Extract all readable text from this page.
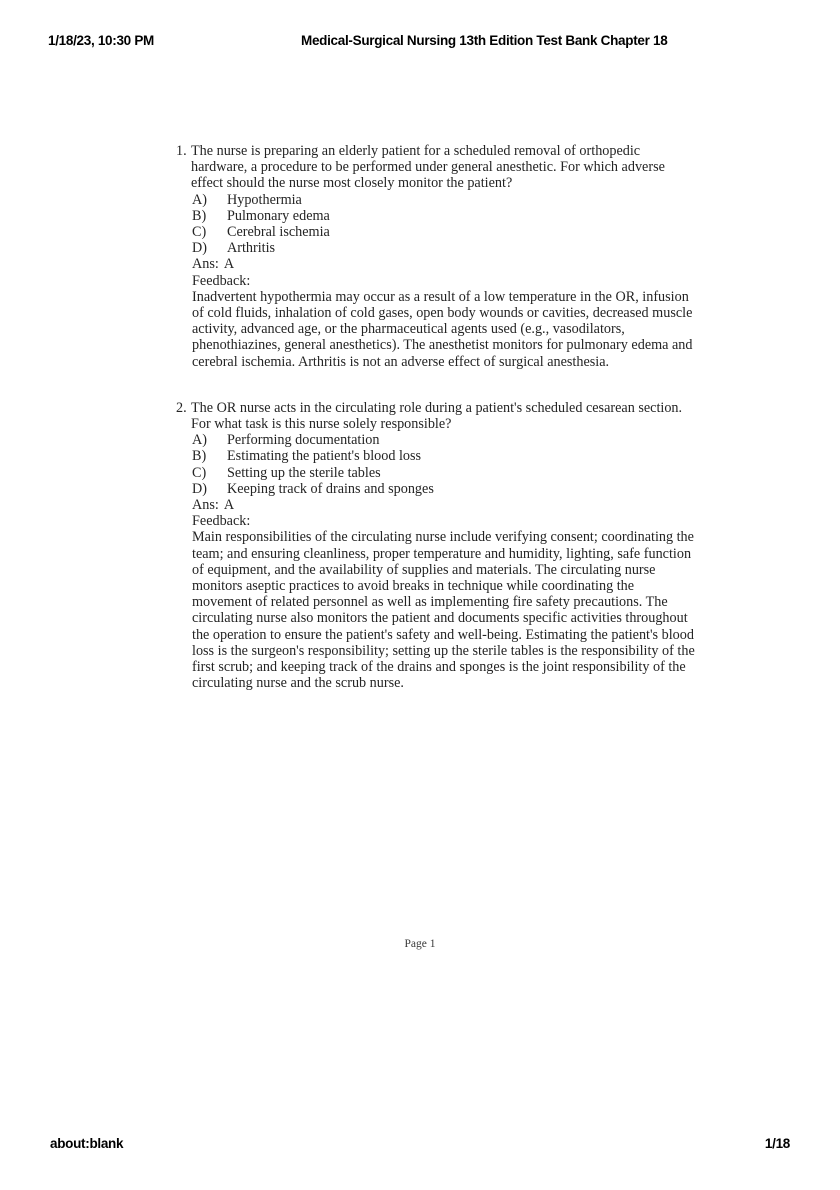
1/18/23, 10:30 PM	Medical-Surgical Nursing 13th Edition Test Bank Chapter 18
1. The nurse is preparing an elderly patient for a scheduled removal of orthopedic hardware, a procedure to be performed under general anesthetic. For which adverse effect should the nurse most closely monitor the patient?
A)	Hypothermia
B)	Pulmonary edema
C)	Cerebral ischemia
D)	Arthritis
Ans: A
Feedback:
Inadvertent hypothermia may occur as a result of a low temperature in the OR, infusion of cold fluids, inhalation of cold gases, open body wounds or cavities, decreased muscle activity, advanced age, or the pharmaceutical agents used (e.g., vasodilators, phenothiazines, general anesthetics). The anesthetist monitors for pulmonary edema and cerebral ischemia. Arthritis is not an adverse effect of surgical anesthesia.
2. The OR nurse acts in the circulating role during a patient's scheduled cesarean section. For what task is this nurse solely responsible?
A)	Performing documentation
B)	Estimating the patient's blood loss
C)	Setting up the sterile tables
D)	Keeping track of drains and sponges
Ans: A
Feedback:
Main responsibilities of the circulating nurse include verifying consent; coordinating the team; and ensuring cleanliness, proper temperature and humidity, lighting, safe function of equipment, and the availability of supplies and materials. The circulating nurse monitors aseptic practices to avoid breaks in technique while coordinating the movement of related personnel as well as implementing fire safety precautions. The circulating nurse also monitors the patient and documents specific activities throughout the operation to ensure the patient's safety and well-being. Estimating the patient's blood loss is the surgeon's responsibility; setting up the sterile tables is the responsibility of the first scrub; and keeping track of the drains and sponges is the joint responsibility of the circulating nurse and the scrub nurse.
Page 1
about:blank	1/18
